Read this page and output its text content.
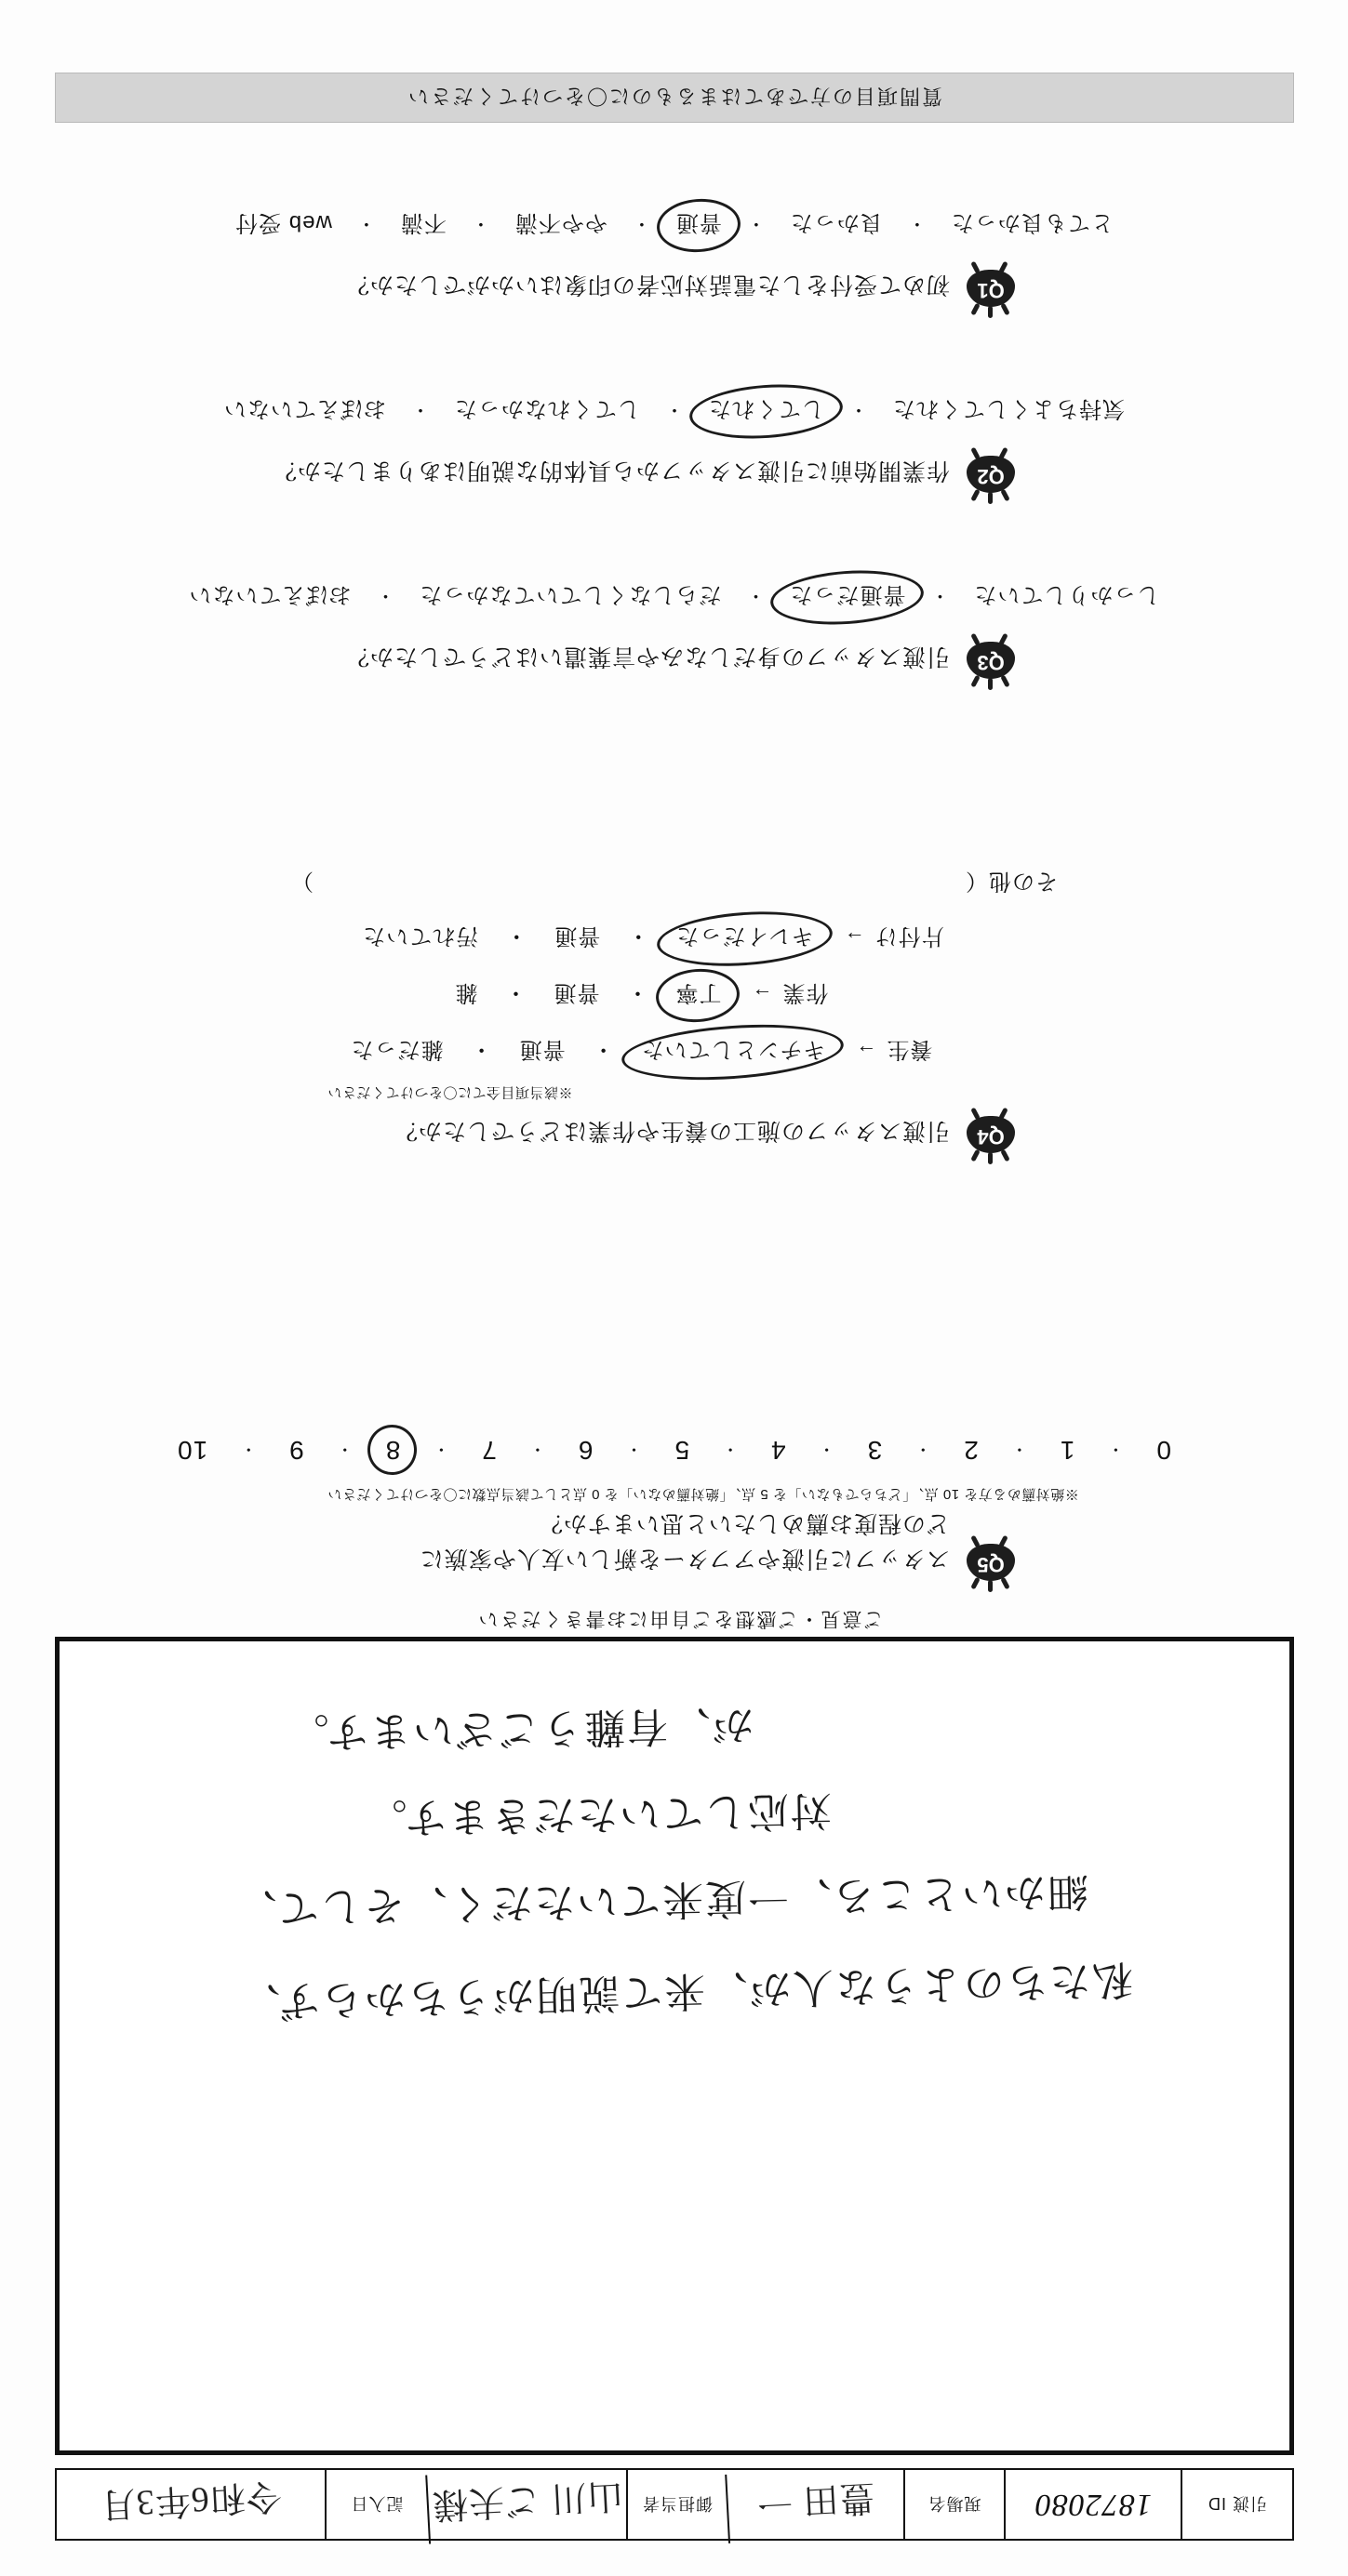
引渡 ID
1872080
現場名
豊田 一
御担当者
山川 ご夫様
記入日
令和6年3月
私たちのような人が、来て説明がうちからず、
細かいところ、一度来ていただく、そして、
対応していただきます。
が、有難うございます。
ご意見・ご感想をご自由にお書きください
Q5
スタッフに引渡やアフターを新しい友人や家族に
どの程度お薦めしたいと思いますか？
※絶対薦める方を 10 点、「どちらでもない」を 5 点、「絶対薦めない」を 0 点として該当点数に〇をつけてください
0
・
1
・
2
・
3
・
4
・
5
・
6
・
7
・
8
・
9
・
10
Q4
引渡スタッフの施工の養生や作業はどうでしたか？
※該当項目全てに〇をつけてください
養生
→
キチンとしていた
・
普通
・
雑だった
作業
→
丁寧
・
普通
・
雑
片付け
→
キレイだった
・
普通
・
汚れていた
その他（
）
Q3
引渡スタッフの身だしなみや言葉遣いはどうでしたか？
しっかりしていた
・
普通だった
・
だらしなくしていてなかった
・
おぼえていない
Q2
作業開始前に引渡スタッフから具体的な説明はありましたか？
気持ちよくしてくれた
・
してくれた
・
してくれなかった
・
おぼえていない
Q1
初めて受付をした電話対応者の印象はいかがでしたか？
とても良かった
・
良かった
・
普通
・
やや不満
・
不満
・
web 受付
質問項目の方であてはまるものに〇をつけてください
